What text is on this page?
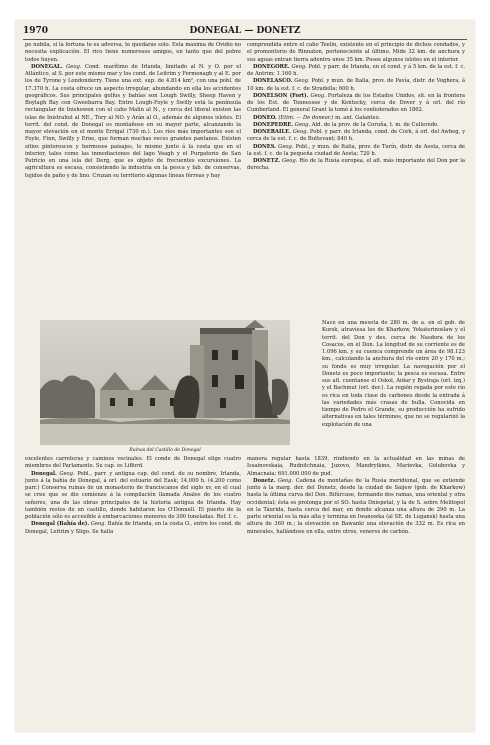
1970	DONEGAL — DONETZ

pe nubila, si la fortuna te es adversa, te quedarás solo. Esta máxima de Ovidio no necesita explicación. El rico tiene numerosos amigos, en tanto que del pobre todos huyen.

DONEGAL. Geog. Cond. marítimo de Irlanda, limitado al N. y O. por el Atlántico, al S. por este mismo mar y los cond. de Leitrim y Fermenagh y al E. por los de Tyrone y Londonderry. Tiene una ext. sup. de 4.814 km², con una pobl. de 17.370 h. La costa ofrece un aspecto irregular, abundando en ella los accidentes geográficos. Sus principales golfos y bahías son Lough Swilly, Sheep Haven y Boylagh Bay con Gweebarra Bay. Entre Lough-Foyle y Swilly está la península rectangular de Inishowen con el cabo Malin al N., y cerca del litoral existen las islas de Inistrahul al NE., Tory al NO. y Arán al O., además de algunos islotes. El territ. del cond. de Donegal es montañoso en su mayor parte, alcanzando la mayor elevación en el monte Errigal (730 m.). Los ríos más importantes son el Foyle, Finn, Swilly y Erne, que forman muchas veces grandes pantanos. Existen sitios pintorescos y hermosos paisajes, lo mismo junto á la costa que en el interior, tales como las inmediaciones del lago Veagh y el Purgatorio de San Patricio en una isla del Derg, que es objeto de frecuentes excursiones. La agricultura es escasa, consistiendo la industria en la pesca y fab. de conservas, tejidos de paño y de lino. Cruzan su territorio algunas líneas férreas y hay

excelentes carreteras y caminos vecinales. El conde de Donegal elige cuatro miembros del Parlamento. Su cap. es Lifford.

Donegal. Geog. Pobl., parr. y antigua cap. del cond. de su nombre, Irlanda, junto á la bahía de Donegal, á orl. del estuario del Eask; 14,000 h. (4.200 como parr.) Conserva ruinas de un monasterio de franciscanos del siglo xv, en el cual se cree que se dio comienzo á la compilación llamada Anales de los cuatro señores, una de las obras principales de la historia antigua de Irlanda. Hay también restos de un castillo, donde habitaron los O'Donnell. El puerto de la población sólo es accesible á embarcaciones menores de 300 toneladas. Ref. f. c.

Donegal (Bahía de). Geog. Bahía de Irlanda, en la costa O., entre los cond. de Donegal, Leitrim y Sligo. Se halla

comprendida entre el cabo Teelin, existente en el principio de dichos condados, y el promontorio de Rinnaton, perteneciente al último. Mide 32 km. de anchura y sus aguas entran tierra adentro unos 35 km. Posee algunos islotes en el interior.

DONEGORE. Geog. Pobl. y parr. de Irlanda, en el cond. y á 5 km. de la est. f. c. de Antrim; 1.160 h.

DONELASCO. Geog. Pobl. y mun. de Italia, prov. de Pavía, distr. de Voghera, á 10 km. de la est. f. c. de Stradella; 600 h.

DONELSON (Fort). Geog. Fortaleza de los Estados Unidos, sit. en la frontera de los Est. de Tennessee y de Kentucky, cerca de Dover y á orl. del río Cumberland. El general Grant la tomó á los confederados en 1862.

DONEO. (Etim. — De donear.) m. ant. Galanteo.

DONEPEDRE. Geog. Ald. de la prov. de la Coruña, t. m. de Culleredo.

DONERAILE. Geog. Pobl. y parr. de Irlanda, cond. de Cork, á orl. del Awbeg, y cerca de la est. f. c. de Buttevant; 840 h.

DONES. Geog. Pobl., y mun. de Italia, prov. de Turín, distr. de Aosta, cerca de la est. f. c. de la pequeña ciudad de Aosta; 720 h.

DONETZ. Geog. Río de la Rusia europea, el afl. más importante del Don por la derecha.

Nace en una meseta de 280 m. de a. en el gob. de Kursk, atraviesa los de Kharkow, Yekaterinoslaw y el territ. del Don y des. cerca de Nasdora de los Cosacos, en el Don. La longitud de su corriente es de 1.096 km. y su cuenca comprende un área de 98.123 km., calculando la anchura del río entre 20 y 170 m.; su fondo es muy irregular. La navegación por el Donetz es poco importante; la pesca es escasa. Entre sus afl. cuentanse el Oskol, Aidar y Bystraja (orl. izq.) y el Bachmut (orl. der.). La región regada por este río es rica en toda clase de carbones desde la entrada á las variedades más crasas de hulla. Conocida en tiempo de Pedro el Grande, su producción ha sufrido alternativas en tales términos, que no se regularizó la explotación de una

manera regular hasta 1839, rindiendo en la actualidad en las minas de Issainovskaia, Rudnitchnaia, Juzovo, Mandryikino, Marievka, Golubovka y Almacnaia; 691.000.000 de pud.

Donetz. Geog. Cadena de montañas de la Rusia meridional, que se extiende junto á la marg. der. del Donetz, desde la ciudad de Saijew (gob. de Kharkow) hasta la última curva del Don. Bifúrcase, formando dos ramas, una oriental y otra occidental; ésta se prolonga por el SO. hasta Dniepetal, y la de S. sobre Melitopol en la Táurida, hasta cerca del mar, en donde alcanza una altura de 290 m. La parte oriental es la más alta y termina en Iwanowka (al SE. de Lugansk) hasta una altura de 369 m.; la elevación en Bawanki una elevación de 332 m. Es rica en minerales, hallándose en ella, entre otros, veneros de carbón.

Ruinas del Castillo de Donegal
